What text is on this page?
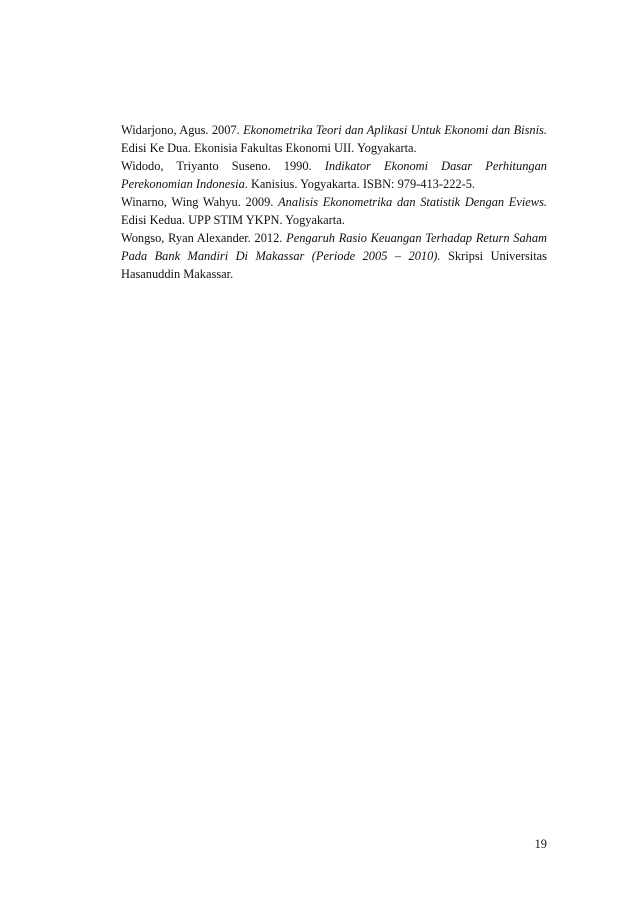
Widarjono, Agus. 2007. Ekonometrika Teori dan Aplikasi Untuk Ekonomi dan Bisnis. Edisi Ke Dua. Ekonisia Fakultas Ekonomi UII. Yogyakarta.

Widodo, Triyanto Suseno. 1990. Indikator Ekonomi Dasar Perhitungan Perekonomian Indonesia. Kanisius. Yogyakarta. ISBN: 979-413-222-5.

Winarno, Wing Wahyu. 2009. Analisis Ekonometrika dan Statistik Dengan Eviews. Edisi Kedua. UPP STIM YKPN. Yogyakarta.

Wongso, Ryan Alexander. 2012. Pengaruh Rasio Keuangan Terhadap Return Saham Pada Bank Mandiri Di Makassar (Periode 2005 – 2010). Skripsi Universitas Hasanuddin Makassar.

19
